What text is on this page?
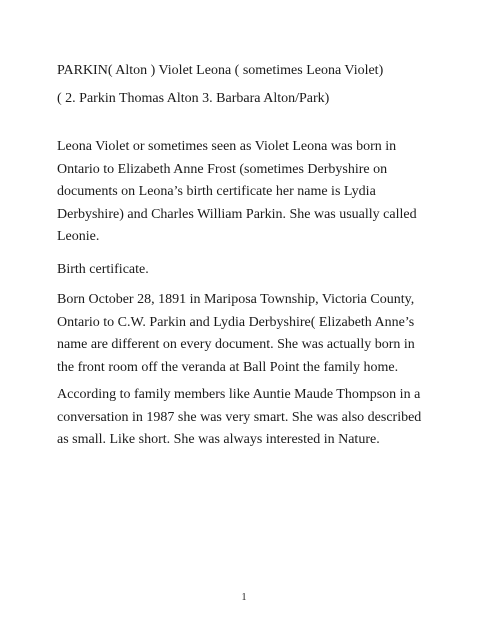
PARKIN( Alton ) Violet Leona ( sometimes Leona Violet)
( 2. Parkin Thomas Alton 3. Barbara Alton/Park)

Leona Violet or sometimes seen as Violet Leona was born in
Ontario to Elizabeth Anne Frost (sometimes Derbyshire on
documents on Leona’s birth certificate her name is Lydia
Derbyshire) and Charles William Parkin. She was usually called
Leonie.

Birth certificate.

Born October 28, 1891 in Mariposa Township, Victoria County,
Ontario to C.W. Parkin and Lydia Derbyshire( Elizabeth Anne’s
name are different on every document. She was actually born in
the front room off the veranda at Ball Point the family home.

According to family members like Auntie Maude Thompson in a
conversation in 1987 she was very smart. She was also described
as small. Like short. She was always interested in Nature.

1
